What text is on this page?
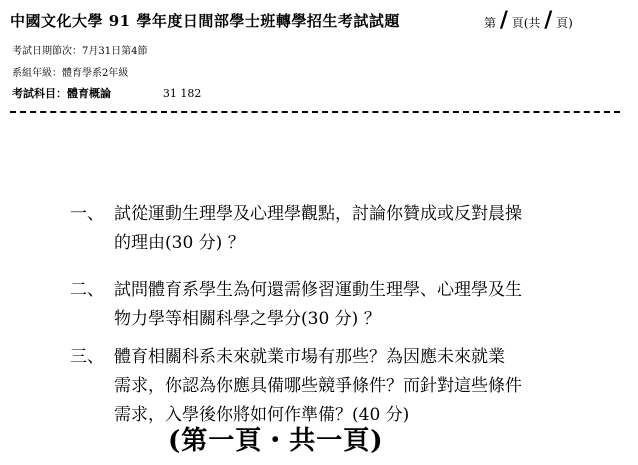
中國文化大學 91 學年度日間部學士班轉學招生考試試題	第 / 頁(共 / 頁)
考試日期節次：7月31日第4節
系組年級：體育學系2年級
考試科目：體育概論	31 182
一、 試從運動生理學及心理學觀點，討論你贊成或反對晨操
的理由(30 分) ？
二、 試問體育系學生為何還需修習運動生理學、心理學及生
物力學等相關科學之學分(30 分) ？
三、 體育相關科系未來就業市場有那些？為因應未來就業
需求，你認為你應具備哪些競爭條件？而針對這些條件
需求，入學後你將如何作準備？(40 分)
(第一頁・共一頁)
